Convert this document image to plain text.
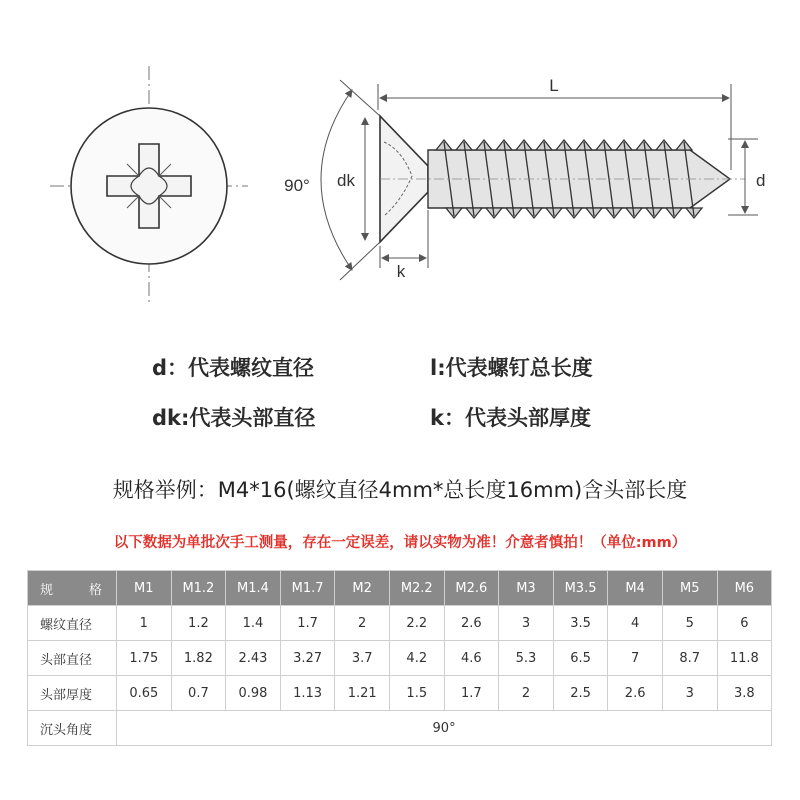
L
dk	d
k
90°
d：代表螺纹直径	l:代表螺钉总长度
dk:代表头部直径	k：代表头部厚度
规格举例：M4*16(螺纹直径4mm*总长度16mm)含头部长度
以下数据为单批次手工测量，存在一定误差，请以实物为准！介意者慎拍！（单位:mm）
规 格	M1	M1.2	M1.4	M1.7	M2	M2.2	M2.6	M3	M3.5	M4	M5	M6
螺纹直径	1	1.2	1.4	1.7	2	2.2	2.6	3	3.5	4	5	6
头部直径	1.75	1.82	2.43	3.27	3.7	4.2	4.6	5.3	6.5	7	8.7	11.8
头部厚度	0.65	0.7	0.98	1.13	1.21	1.5	1.7	2	2.5	2.6	3	3.8
沉头角度	90°											
